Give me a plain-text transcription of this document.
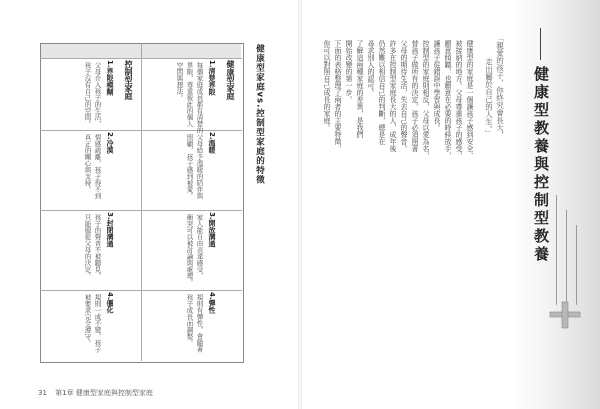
健康型家庭
控制型家庭	1.清楚界限
每個家庭成員都有清楚的
界限，尊重彼此的個人
空間與想法。
2.溫暖
父母給予溫暖的陪伴與
照顧，孩子感到被愛。
3.開放溝通
家人能自由表達感受，
衝突可以被討論與處理。
4.彈性
規則有彈性，會隨著
孩子成長而調整。
1.界限模糊
父母介入孩子的生活，
孩子沒有自己的空間。
2.冷漠
情感疏離，孩子得不到
真正的關心與支持。
3.封閉溝通
孩子的聲音不被聽見，
只能服從父母的決定。
4.僵化
規則一成不變，孩子
被要求完全遵守。
健康型家庭vs.控制型家庭的特徵
31 第1章 健康型家庭與控制型家庭
健康型教養與控制型教養
「親愛的孩子，你終究會長大，
走出屬於自己的人生。」
健康型的家庭是一個讓孩子感到安全、
被接納的地方。父母尊重孩子的感受，
願意傾聽，也願意在必要的時候放手，
讓孩子從錯誤中學習與成長。
控制型的家庭則相反，父母以愛為名，
替孩子做所有的決定，孩子必須照著
父母的期待生活，失去自己的聲音。
許多在控制型家庭長大的人，成年後
仍然難以相信自己的判斷，總是在
尋求別人的認可。
了解這兩種家庭的差異，是我們
開始改變的第一步。
下面的表格整理了兩者的主要特徵，
你可以對照自己成長的家庭。
